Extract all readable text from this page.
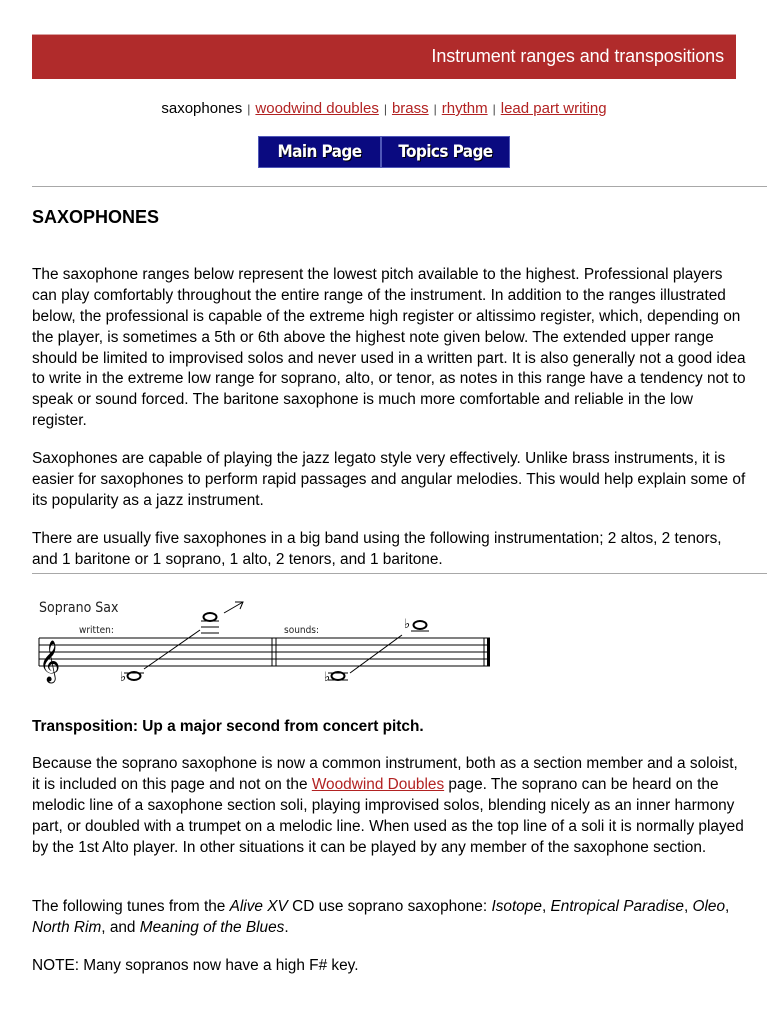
Instrument ranges and transpositions
saxophones | woodwind doubles | brass | rhythm | lead part writing
Main Page	Topics Page
SAXOPHONES

The saxophone ranges below represent the lowest pitch available to the highest. Professional players can play comfortably throughout the entire range of the instrument. In addition to the ranges illustrated below, the professional is capable of the extreme high register or altissimo register, which, depending on the player, is sometimes a 5th or 6th above the highest note given below. The extended upper range should be limited to improvised solos and never used in a written part. It is also generally not a good idea to write in the extreme low range for soprano, alto, or tenor, as notes in this range have a tendency not to speak or sound forced. The baritone saxophone is much more comfortable and reliable in the low register.

Saxophones are capable of playing the jazz legato style very effectively. Unlike brass instruments, it is easier for saxophones to perform rapid passages and angular melodies. This would help explain some of its popularity as a jazz instrument.

There are usually five saxophones in a big band using the following instrumentation; 2 altos, 2 tenors, and 1 baritone or 1 soprano, 1 alto, 2 tenors, and 1 baritone.

Soprano Sax
written:	sounds:
𝄞	♭	♭
♭

Transposition: Up a major second from concert pitch.

Because the soprano saxophone is now a common instrument, both as a section member and a soloist, it is included on this page and not on the Woodwind Doubles page. The soprano can be heard on the melodic line of a saxophone section soli, playing improvised solos, blending nicely as an inner harmony part, or doubled with a trumpet on a melodic line. When used as the top line of a soli it is normally played by the 1st Alto player. In other situations it can be played by any member of the saxophone section.

The following tunes from the Alive XV CD use soprano saxophone: Isotope, Entropical Paradise, Oleo, North Rim, and Meaning of the Blues.

NOTE: Many sopranos now have a high F# key.
